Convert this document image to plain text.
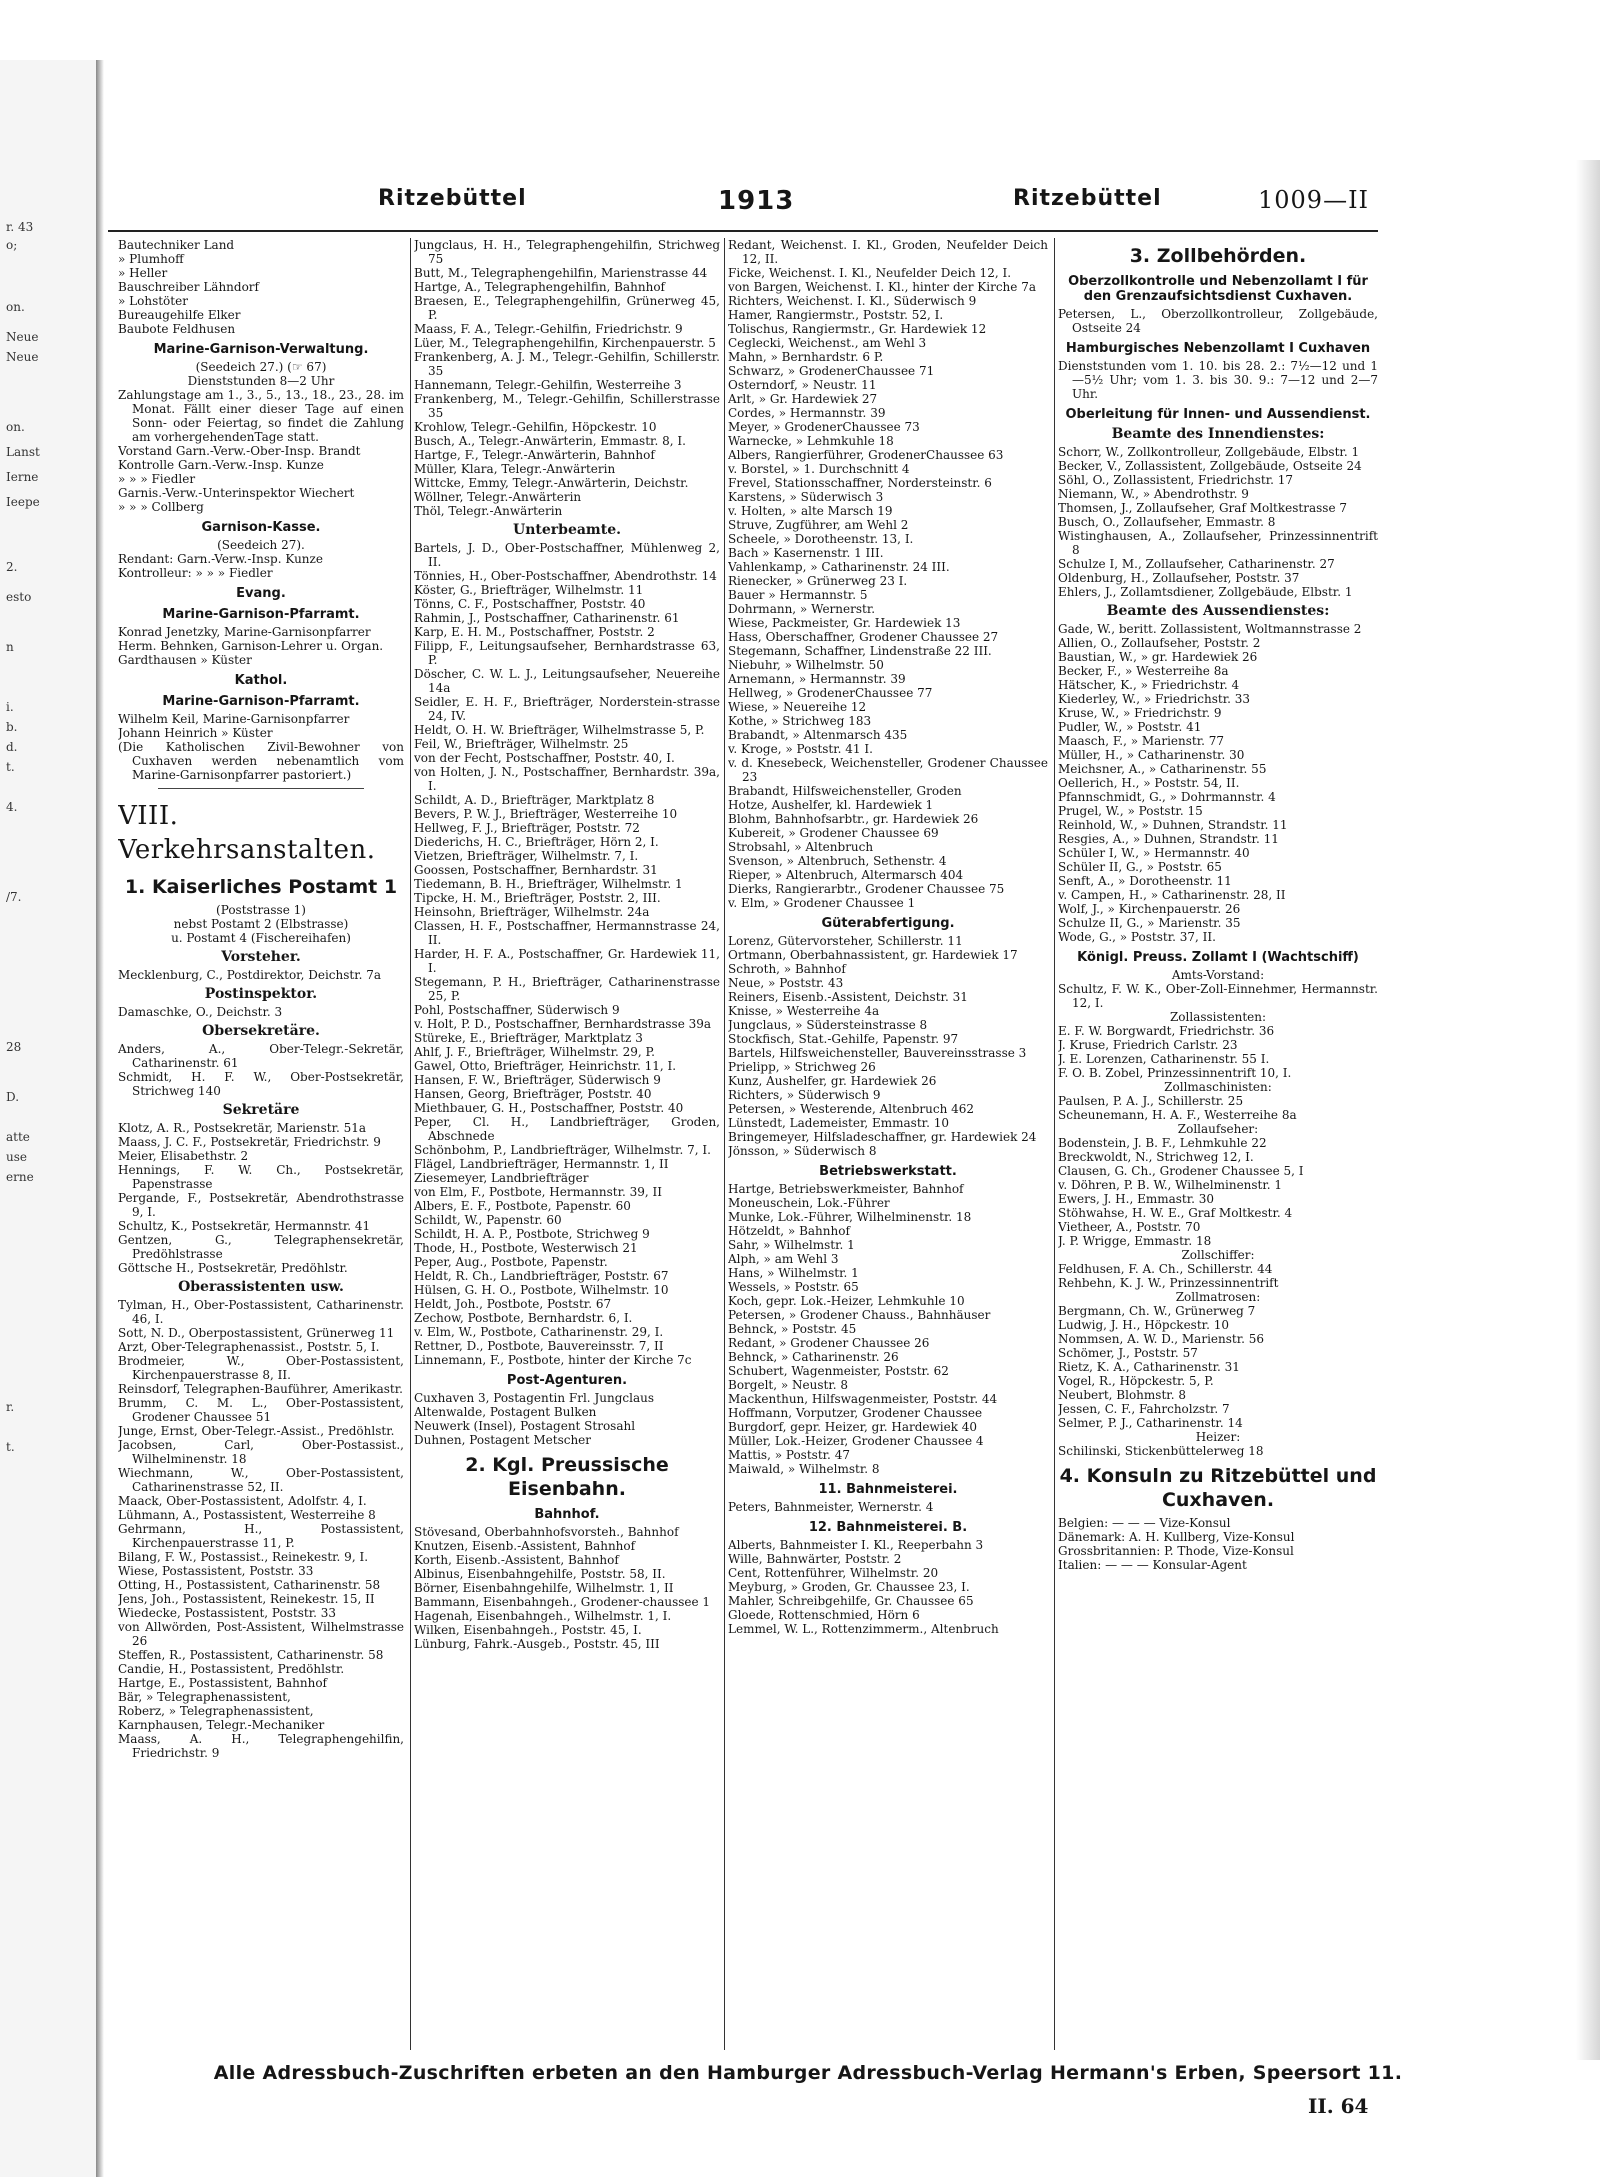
r. 43
o;
on.
Neue
Neue
on.
Lanst
Ierne
Ieepe
2.
esto
n
i.
b.
d.
t.
4.
/7.
28
D.
atte
use
erne
r.
t.
Ritzebüttel	1913	Ritzebüttel	1009—II
Bautechniker Land
» Plumhoff
» Heller
Bauschreiber Lähndorf
» Lohstöter
Bureaugehilfe Elker
Baubote Feldhusen
Marine-Garnison-Verwaltung.
(Seedeich 27.) (☞ 67)
Dienststunden 8—2 Uhr
Zahlungstage am 1., 3., 5., 13., 18., 23., 28. im Monat. Fällt einer dieser Tage auf einen Sonn- oder Feiertag, so findet die Zahlung am vorhergehendenTage statt.
Vorstand Garn.-Verw.-Ober-Insp. Brandt
Kontrolle Garn.-Verw.-Insp. Kunze
» » » Fiedler
Garnis.-Verw.-Unterinspektor Wiechert
» » » Collberg
Garnison-Kasse.
(Seedeich 27).
Rendant: Garn.-Verw.-Insp. Kunze
Kontrolleur: » » » Fiedler
Evang.
Marine-Garnison-Pfarramt.
Konrad Jenetzky, Marine-Garnisonpfarrer
Herm. Behnken, Garnison-Lehrer u. Organ.
Gardthausen » Küster
Kathol.
Marine-Garnison-Pfarramt.
Wilhelm Keil, Marine-Garnisonpfarrer
Johann Heinrich » Küster
(Die Katholischen Zivil-Bewohner von Cuxhaven werden nebenamtlich vom Marine-Garnisonpfarrer pastoriert.)
VIII. Verkehrsanstalten.
1. Kaiserliches Postamt 1
(Poststrasse 1)
nebst Postamt 2 (Elbstrasse)
u. Postamt 4 (Fischereihafen)
Vorsteher.
Mecklenburg, C., Postdirektor, Deichstr. 7a
Postinspektor.
Damaschke, O., Deichstr. 3
Obersekretäre.
Anders, A., Ober-Telegr.-Sekretär, Catharinenstr. 61
Schmidt, H. F. W., Ober-Postsekretär, Strichweg 140
Sekretäre
Klotz, A. R., Postsekretär, Marienstr. 51a
Maass, J. C. F., Postsekretär, Friedrichstr. 9
Meier, Elisabethstr. 2
Hennings, F. W. Ch., Postsekretär, Papenstrasse
Pergande, F., Postsekretär, Abendrothstrasse 9, I.
Schultz, K., Postsekretär, Hermannstr. 41
Gentzen, G., Telegraphensekretär, Predöhlstrasse
Göttsche H., Postsekretär, Predöhlstr.
Oberassistenten usw.
Tylman, H., Ober-Postassistent, Catharinenstr. 46, I.
Sott, N. D., Oberpostassistent, Grünerweg 11
Arzt, Ober-Telegraphenassist., Poststr. 5, I.
Brodmeier, W., Ober-Postassistent, Kirchenpauerstrasse 8, II.
Reinsdorf, Telegraphen-Bauführer, Amerikastr.
Brumm, C. M. L., Ober-Postassistent, Grodener Chaussee 51
Junge, Ernst, Ober-Telegr.-Assist., Predöhlstr.
Jacobsen, Carl, Ober-Postassist., Wilhelminenstr. 18
Wiechmann, W., Ober-Postassistent, Catharinenstrasse 52, II.
Maack, Ober-Postassistent, Adolfstr. 4, I.
Lühmann, A., Postassistent, Westerreihe 8
Gehrmann, H., Postassistent, Kirchenpauerstrasse 11, P.
Bilang, F. W., Postassist., Reinekestr. 9, I.
Wiese, Postassistent, Poststr. 33
Otting, H., Postassistent, Catharinenstr. 58
Jens, Joh., Postassistent, Reinekestr. 15, II
Wiedecke, Postassistent, Poststr. 33
von Allwörden, Post-Assistent, Wilhelmstrasse 26
Steffen, R., Postassistent, Catharinenstr. 58
Candie, H., Postassistent, Predöhlstr.
Hartge, E., Postassistent, Bahnhof
Bär, » Telegraphenassistent,
Roberz, » Telegraphenassistent,
Karnphausen, Telegr.-Mechaniker
Maass, A. H., Telegraphengehilfin, Friedrichstr. 9
Jungclaus, H. H., Telegraphengehilfin, Strichweg 75
Butt, M., Telegraphengehilfin, Marienstrasse 44
Hartge, A., Telegraphengehilfin, Bahnhof
Braesen, E., Telegraphengehilfin, Grünerweg 45, P.
Maass, F. A., Telegr.-Gehilfin, Friedrichstr. 9
Lüer, M., Telegraphengehilfin, Kirchenpauerstr. 5
Frankenberg, A. J. M., Telegr.-Gehilfin, Schillerstr. 35
Hannemann, Telegr.-Gehilfin, Westerreihe 3
Frankenberg, M., Telegr.-Gehilfin, Schillerstrasse 35
Krohlow, Telegr.-Gehilfin, Höpckestr. 10
Busch, A., Telegr.-Anwärterin, Emmastr. 8, I.
Hartge, F., Telegr.-Anwärterin, Bahnhof
Müller, Klara, Telegr.-Anwärterin
Wittcke, Emmy, Telegr.-Anwärterin, Deichstr.
Wöllner, Telegr.-Anwärterin
Thöl, Telegr.-Anwärterin
Unterbeamte.
Bartels, J. D., Ober-Postschaffner, Mühlenweg 2, II.
Tönnies, H., Ober-Postschaffner, Abendrothstr. 14
Köster, G., Briefträger, Wilhelmstr. 11
Tönns, C. F., Postschaffner, Poststr. 40
Rahmin, J., Postschaffner, Catharinenstr. 61
Karp, E. H. M., Postschaffner, Poststr. 2
Filipp, F., Leitungsaufseher, Bernhardstrasse 63, P.
Döscher, C. W. L. J., Leitungsaufseher, Neuereihe 14a
Seidler, E. H. F., Briefträger, Norderstein-strasse 24, IV.
Heldt, O. H. W. Briefträger, Wilhelmstrasse 5, P.
Feil, W., Briefträger, Wilhelmstr. 25
von der Fecht, Postschaffner, Poststr. 40, I.
von Holten, J. N., Postschaffner, Bernhardstr. 39a, I.
Schildt, A. D., Briefträger, Marktplatz 8
Bevers, P. W. J., Briefträger, Westerreihe 10
Hellweg, F. J., Briefträger, Poststr. 72
Diederichs, H. C., Briefträger, Hörn 2, I.
Vietzen, Briefträger, Wilhelmstr. 7, I.
Goossen, Postschaffner, Bernhardstr. 31
Tiedemann, B. H., Briefträger, Wilhelmstr. 1
Tipcke, H. M., Briefträger, Poststr. 2, III.
Heinsohn, Briefträger, Wilhelmstr. 24a
Classen, H. F., Postschaffner, Hermannstrasse 24, II.
Harder, H. F. A., Postschaffner, Gr. Hardewiek 11, I.
Stegemann, P. H., Briefträger, Catharinenstrasse 25, P.
Pohl, Postschaffner, Süderwisch 9
v. Holt, P. D., Postschaffner, Bernhardstrasse 39a
Stüreke, E., Briefträger, Marktplatz 3
Ahlf, J. F., Briefträger, Wilhelmstr. 29, P.
Gawel, Otto, Briefträger, Heinrichstr. 11, I.
Hansen, F. W., Briefträger, Süderwisch 9
Hansen, Georg, Briefträger, Poststr. 40
Miethbauer, G. H., Postschaffner, Poststr. 40
Peper, Cl. H., Landbriefträger, Groden, Abschnede
Schönbohm, P., Landbriefträger, Wilhelmstr. 7, I.
Flägel, Landbriefträger, Hermannstr. 1, II
Ziesemeyer, Landbriefträger
von Elm, F., Postbote, Hermannstr. 39, II
Albers, E. F., Postbote, Papenstr. 60
Schildt, W., Papenstr. 60
Schildt, H. A. P., Postbote, Strichweg 9
Thode, H., Postbote, Westerwisch 21
Peper, Aug., Postbote, Papenstr.
Heldt, R. Ch., Landbriefträger, Poststr. 67
Hülsen, G. H. O., Postbote, Wilhelmstr. 10
Heldt, Joh., Postbote, Poststr. 67
Zechow, Postbote, Bernhardstr. 6, I.
v. Elm, W., Postbote, Catharinenstr. 29, I.
Rettner, D., Postbote, Bauvereinsstr. 7, II
Linnemann, F., Postbote, hinter der Kirche 7c
Post-Agenturen.
Cuxhaven 3, Postagentin Frl. Jungclaus
Altenwalde, Postagent Bulken
Neuwerk (Insel), Postagent Strosahl
Duhnen, Postagent Metscher
2. Kgl. Preussische Eisenbahn.
Bahnhof.
Stövesand, Oberbahnhofsvorsteh., Bahnhof
Knutzen, Eisenb.-Assistent, Bahnhof
Korth, Eisenb.-Assistent, Bahnhof
Albinus, Eisenbahngehilfe, Poststr. 58, II.
Börner, Eisenbahngehilfe, Wilhelmstr. 1, II
Bammann, Eisenbahngeh., Grodener-chaussee 1
Hagenah, Eisenbahngeh., Wilhelmstr. 1, I.
Wilken, Eisenbahngeh., Poststr. 45, I.
Lünburg, Fahrk.-Ausgeb., Poststr. 45, III
Redant, Weichenst. I. Kl., Groden, Neufelder Deich 12, II.
Ficke, Weichenst. I. Kl., Neufelder Deich 12, I.
von Bargen, Weichenst. I. Kl., hinter der Kirche 7a
Richters, Weichenst. I. Kl., Süderwisch 9
Hamer, Rangiermstr., Poststr. 52, I.
Tolischus, Rangiermstr., Gr. Hardewiek 12
Ceglecki, Weichenst., am Wehl 3
Mahn, » Bernhardstr. 6 P.
Schwarz, » GrodenerChaussee 71
Osterndorf, » Neustr. 11
Arlt, » Gr. Hardewiek 27
Cordes, » Hermannstr. 39
Meyer, » GrodenerChaussee 73
Warnecke, » Lehmkuhle 18
Albers, Rangierführer, GrodenerChaussee 63
v. Borstel, » 1. Durchschnitt 4
Frevel, Stationsschaffner, Nordersteinstr. 6
Karstens, » Süderwisch 3
v. Holten, » alte Marsch 19
Struve, Zugführer, am Wehl 2
Scheele, » Dorotheenstr. 13, I.
Bach » Kasernenstr. 1 III.
Vahlenkamp, » Catharinenstr. 24 III.
Rienecker, » Grünerweg 23 I.
Bauer » Hermannstr. 5
Dohrmann, » Wernerstr.
Wiese, Packmeister, Gr. Hardewiek 13
Hass, Oberschaffner, Grodener Chaussee 27
Stegemann, Schaffner, Lindenstraße 22 III.
Niebuhr, » Wilhelmstr. 50
Arnemann, » Hermannstr. 39
Hellweg, » GrodenerChaussee 77
Wiese, » Neuereihe 12
Kothe, » Strichweg 183
Brabandt, » Altenmarsch 435
v. Kroge, » Poststr. 41 I.
v. d. Knesebeck, Weichensteller, Grodener Chaussee 23
Brabandt, Hilfsweichensteller, Groden
Hotze, Aushelfer, kl. Hardewiek 1
Blohm, Bahnhofsarbtr., gr. Hardewiek 26
Kubereit, » Grodener Chaussee 69
Strobsahl, » Altenbruch
Svenson, » Altenbruch, Sethenstr. 4
Rieper, » Altenbruch, Altermarsch 404
Dierks, Rangierarbtr., Grodener Chaussee 75
v. Elm, » Grodener Chaussee 1
Güterabfertigung.
Lorenz, Gütervorsteher, Schillerstr. 11
Ortmann, Oberbahnassistent, gr. Hardewiek 17
Schroth, » Bahnhof
Neue, » Poststr. 43
Reiners, Eisenb.-Assistent, Deichstr. 31
Knisse, » Westerreihe 4a
Jungclaus, » Südersteinstrasse 8
Stockfisch, Stat.-Gehilfe, Papenstr. 97
Bartels, Hilfsweichensteller, Bauvereinsstrasse 3
Prielipp, » Strichweg 26
Kunz, Aushelfer, gr. Hardewiek 26
Richters, » Süderwisch 9
Petersen, » Westerende, Altenbruch 462
Lünstedt, Lademeister, Emmastr. 10
Bringemeyer, Hilfsladeschaffner, gr. Hardewiek 24
Jönsson, » Süderwisch 8
Betriebswerkstatt.
Hartge, Betriebswerkmeister, Bahnhof
Moneuschein, Lok.-Führer
Munke, Lok.-Führer, Wilhelminenstr. 18
Hötzeldt, » Bahnhof
Sahr, » Wilhelmstr. 1
Alph, » am Wehl 3
Hans, » Wilhelmstr. 1
Wessels, » Poststr. 65
Koch, gepr. Lok.-Heizer, Lehmkuhle 10
Petersen, » Grodener Chauss., Bahnhäuser
Behnck, » Poststr. 45
Redant, » Grodener Chaussee 26
Behnck, » Catharinenstr. 26
Schubert, Wagenmeister, Poststr. 62
Borgelt, » Neustr. 8
Mackenthun, Hilfswagenmeister, Poststr. 44
Hoffmann, Vorputzer, Grodener Chaussee
Burgdorf, gepr. Heizer, gr. Hardewiek 40
Müller, Lok.-Heizer, Grodener Chaussee 4
Mattis, » Poststr. 47
Maiwald, » Wilhelmstr. 8
11. Bahnmeisterei.
Peters, Bahnmeister, Wernerstr. 4
12. Bahnmeisterei. B.
Alberts, Bahnmeister I. Kl., Reeperbahn 3
Wille, Bahnwärter, Poststr. 2
Cent, Rottenführer, Wilhelmstr. 20
Meyburg, » Groden, Gr. Chaussee 23, I.
Mahler, Schreibgehilfe, Gr. Chaussee 65
Gloede, Rottenschmied, Hörn 6
Lemmel, W. L., Rottenzimmerm., Altenbruch
3. Zollbehörden.
Oberzollkontrolle und Nebenzollamt I für den Grenzaufsichtsdienst Cuxhaven.
Petersen, L., Oberzollkontrolleur, Zollgebäude, Ostseite 24
Hamburgisches Nebenzollamt I Cuxhaven
Dienststunden vom 1. 10. bis 28. 2.: 7½—12 und 1—5½ Uhr; vom 1. 3. bis 30. 9.: 7—12 und 2—7 Uhr.
Oberleitung für Innen- und Aussendienst.
Beamte des Innendienstes:
Schorr, W., Zollkontrolleur, Zollgebäude, Elbstr. 1
Becker, V., Zollassistent, Zollgebäude, Ostseite 24
Söhl, O., Zollassistent, Friedrichstr. 17
Niemann, W., » Abendrothstr. 9
Thomsen, J., Zollaufseher, Graf Moltkestrasse 7
Busch, O., Zollaufseher, Emmastr. 8
Wistinghausen, A., Zollaufseher, Prinzessinnentrift 8
Schulze I, M., Zollaufseher, Catharinenstr. 27
Oldenburg, H., Zollaufseher, Poststr. 37
Ehlers, J., Zollamtsdiener, Zollgebäude, Elbstr. 1
Beamte des Aussendienstes:
Gade, W., beritt. Zollassistent, Woltmannstrasse 2
Allien, O., Zollaufseher, Poststr. 2
Baustian, W., » gr. Hardewiek 26
Becker, F., » Westerreihe 8a
Hätscher, K., » Friedrichstr. 4
Kiederley, W., » Friedrichstr. 33
Kruse, W., » Friedrichstr. 9
Pudler, W., » Poststr. 41
Maasch, F., » Marienstr. 77
Müller, H., » Catharinenstr. 30
Meichsner, A., » Catharinenstr. 55
Oellerich, H., » Poststr. 54, II.
Pfannschmidt, G., » Dohrmannstr. 4
Prugel, W., » Poststr. 15
Reinhold, W., » Duhnen, Strandstr. 11
Resgies, A., » Duhnen, Strandstr. 11
Schüler I, W., » Hermannstr. 40
Schüler II, G., » Poststr. 65
Senft, A., » Dorotheenstr. 11
v. Campen, H., » Catharinenstr. 28, II
Wolf, J., » Kirchenpauerstr. 26
Schulze II, G., » Marienstr. 35
Wode, G., » Poststr. 37, II.
Königl. Preuss. Zollamt I (Wachtschiff)
Amts-Vorstand:
Schultz, F. W. K., Ober-Zoll-Einnehmer, Hermannstr. 12, I.
Zollassistenten:
E. F. W. Borgwardt, Friedrichstr. 36
J. Kruse, Friedrich Carlstr. 23
J. E. Lorenzen, Catharinenstr. 55 I.
F. O. B. Zobel, Prinzessinnentrift 10, I.
Zollmaschinisten:
Paulsen, P. A. J., Schillerstr. 25
Scheunemann, H. A. F., Westerreihe 8a
Zollaufseher:
Bodenstein, J. B. F., Lehmkuhle 22
Breckwoldt, N., Strichweg 12, I.
Clausen, G. Ch., Grodener Chaussee 5, I
v. Döhren, P. B. W., Wilhelminenstr. 1
Ewers, J. H., Emmastr. 30
Stöhwahse, H. W. E., Graf Moltkestr. 4
Vietheer, A., Poststr. 70
J. P. Wrigge, Emmastr. 18
Zollschiffer:
Feldhusen, F. A. Ch., Schillerstr. 44
Rehbehn, K. J. W., Prinzessinnentrift
Zollmatrosen:
Bergmann, Ch. W., Grünerweg 7
Ludwig, J. H., Höpckestr. 10
Nommsen, A. W. D., Marienstr. 56
Schömer, J., Poststr. 57
Rietz, K. A., Catharinenstr. 31
Vogel, R., Höpckestr. 5, P.
Neubert, Blohmstr. 8
Jessen, C. F., Fahrcholzstr. 7
Selmer, P. J., Catharinenstr. 14
Heizer:
Schilinski, Stickenbüttelerweg 18
4. Konsuln zu Ritzebüttel und Cuxhaven.
Belgien: — — — Vize-Konsul
Dänemark: A. H. Kullberg, Vize-Konsul
Grossbritannien: P. Thode, Vize-Konsul
Italien: — — — Konsular-Agent
Alle Adressbuch-Zuschriften erbeten an den Hamburger Adressbuch-Verlag Hermann's Erben, Speersort 11.
II. 64
